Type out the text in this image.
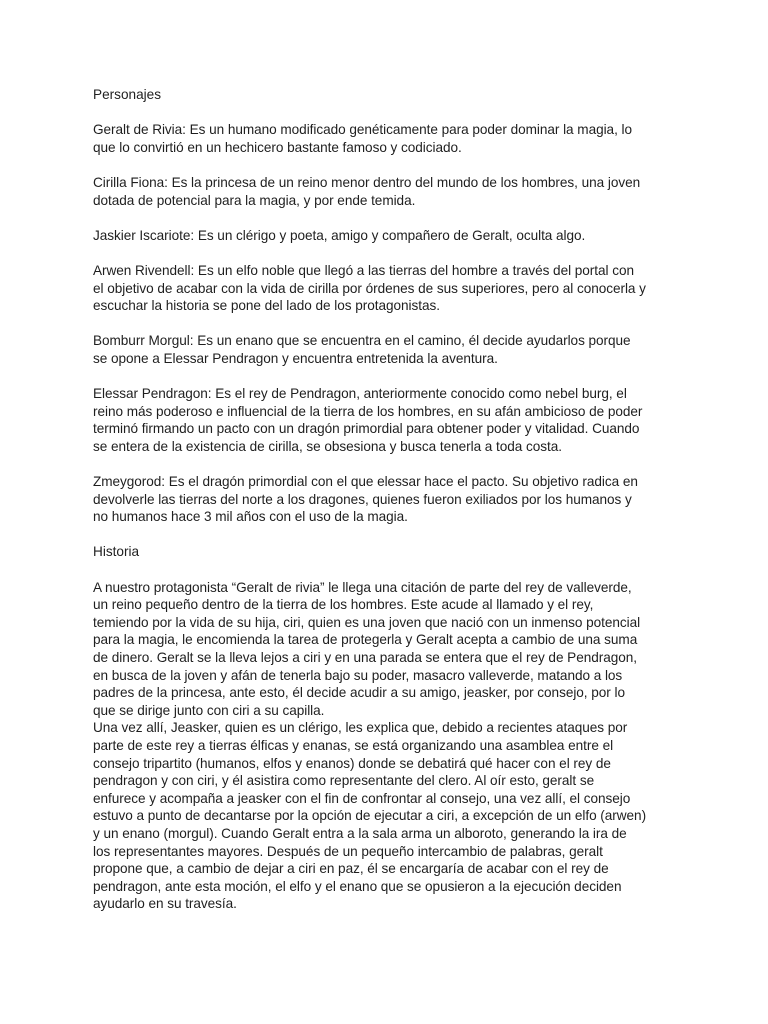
Personajes
Geralt de Rivia: Es un humano modificado genéticamente para poder dominar la magia, lo
que lo convirtió en un hechicero bastante famoso y codiciado.
Cirilla Fiona: Es la princesa de un reino menor dentro del mundo de los hombres, una joven
dotada de potencial para la magia, y por ende temida.
Jaskier Iscariote: Es un clérigo y poeta, amigo y compañero de Geralt, oculta algo.
Arwen Rivendell: Es un elfo noble que llegó a las tierras del hombre a través del portal con
el objetivo de acabar con la vida de cirilla por órdenes de sus superiores, pero al conocerla y
escuchar la historia se pone del lado de los protagonistas.
Bomburr Morgul: Es un enano que se encuentra en el camino, él decide ayudarlos porque
se opone a Elessar Pendragon y encuentra entretenida la aventura.
Elessar Pendragon: Es el rey de Pendragon, anteriormente conocido como nebel burg, el
reino más poderoso e influencial de la tierra de los hombres, en su afán ambicioso de poder
terminó firmando un pacto con un dragón primordial para obtener poder y vitalidad. Cuando
se entera de la existencia de cirilla, se obsesiona y busca tenerla a toda costa.
Zmeygorod: Es el dragón primordial con el que elessar hace el pacto. Su objetivo radica en
devolverle las tierras del norte a los dragones, quienes fueron exiliados por los humanos y
no humanos hace 3 mil años con el uso de la magia.
Historia
A nuestro protagonista “Geralt de rivia” le llega una citación de parte del rey de valleverde,
un reino pequeño dentro de la tierra de los hombres. Este acude al llamado y el rey,
temiendo por la vida de su hija, ciri, quien es una joven que nació con un inmenso potencial
para la magia, le encomienda la tarea de protegerla y Geralt acepta a cambio de una suma
de dinero. Geralt se la lleva lejos a ciri y en una parada se entera que el rey de Pendragon,
en busca de la joven y afán de tenerla bajo su poder, masacro valleverde, matando a los
padres de la princesa, ante esto, él decide acudir a su amigo, jeasker, por consejo, por lo
que se dirige junto con ciri a su capilla.
Una vez allí, Jeasker, quien es un clérigo, les explica que, debido a recientes ataques por
parte de este rey a tierras élficas y enanas, se está organizando una asamblea entre el
consejo tripartito (humanos, elfos y enanos) donde se debatirá qué hacer con el rey de
pendragon y con ciri, y él asistira como representante del clero. Al oír esto, geralt se
enfurece y acompaña a jeasker con el fin de confrontar al consejo, una vez allí, el consejo
estuvo a punto de decantarse por la opción de ejecutar a ciri, a excepción de un elfo (arwen)
y un enano (morgul). Cuando Geralt entra a la sala arma un alboroto, generando la ira de
los representantes mayores. Después de un pequeño intercambio de palabras, geralt
propone que, a cambio de dejar a ciri en paz, él se encargaría de acabar con el rey de
pendragon, ante esta moción, el elfo y el enano que se opusieron a la ejecución deciden
ayudarlo en su travesía.
